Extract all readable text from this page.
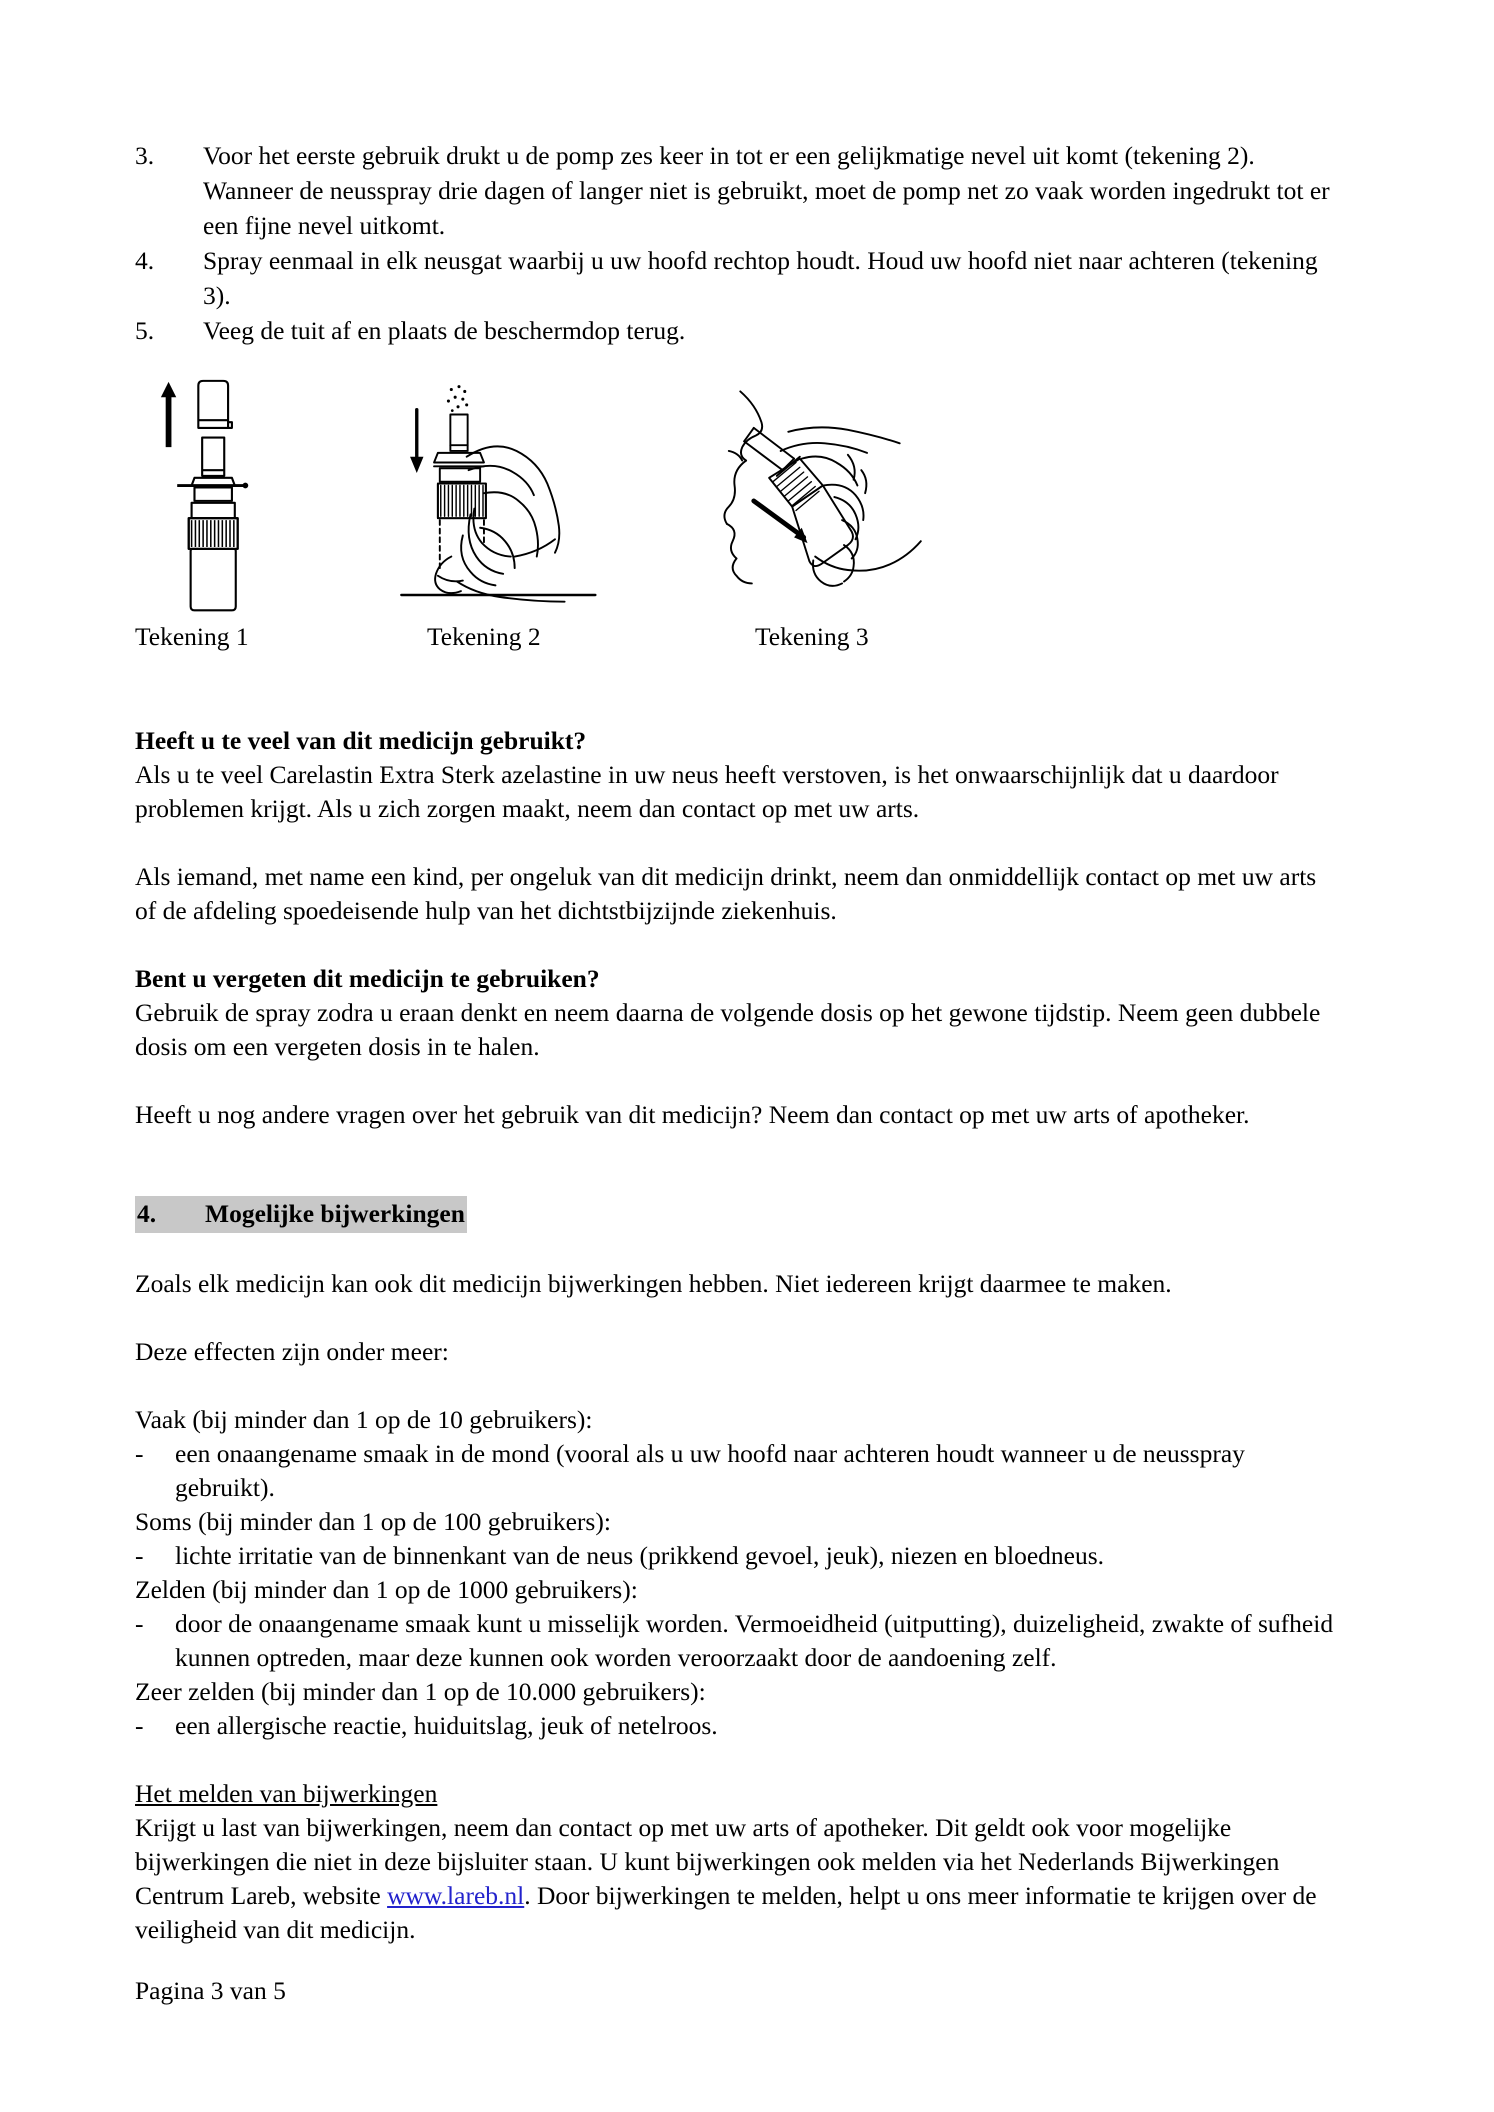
3.	Voor het eerste gebruik drukt u de pomp zes keer in tot er een gelijkmatige nevel uit komt (tekening 2). Wanneer de neusspray drie dagen of langer niet is gebruikt, moet de pomp net zo vaak worden ingedrukt tot er een fijne nevel uitkomt.
4.	Spray eenmaal in elk neusgat waarbij u uw hoofd rechtop houdt. Houd uw hoofd niet naar achteren (tekening 3).
5.	Veeg de tuit af en plaats de beschermdop terug.
Tekening 1	Tekening 2	Tekening 3
Heeft u te veel van dit medicijn gebruikt?

Als u te veel Carelastin Extra Sterk azelastine in uw neus heeft verstoven, is het onwaarschijnlijk dat u daardoor problemen krijgt. Als u zich zorgen maakt, neem dan contact op met uw arts.

Als iemand, met name een kind, per ongeluk van dit medicijn drinkt, neem dan onmiddellijk contact op met uw arts of de afdeling spoedeisende hulp van het dichtstbijzijnde ziekenhuis.

Bent u vergeten dit medicijn te gebruiken?

Gebruik de spray zodra u eraan denkt en neem daarna de volgende dosis op het gewone tijdstip. Neem geen dubbele dosis om een vergeten dosis in te halen.

Heeft u nog andere vragen over het gebruik van dit medicijn? Neem dan contact op met uw arts of apotheker.

4.	Mogelijke bijwerkingen

Zoals elk medicijn kan ook dit medicijn bijwerkingen hebben. Niet iedereen krijgt daarmee te maken.

Deze effecten zijn onder meer:

Vaak (bij minder dan 1 op de 10 gebruikers):

-	een onaangename smaak in de mond (vooral als u uw hoofd naar achteren houdt wanneer u de neusspray gebruikt).

Soms (bij minder dan 1 op de 100 gebruikers):

-	lichte irritatie van de binnenkant van de neus (prikkend gevoel, jeuk), niezen en bloedneus.

Zelden (bij minder dan 1 op de 1000 gebruikers):

-	door de onaangename smaak kunt u misselijk worden. Vermoeidheid (uitputting), duizeligheid, zwakte of sufheid kunnen optreden, maar deze kunnen ook worden veroorzaakt door de aandoening zelf.

Zeer zelden (bij minder dan 1 op de 10.000 gebruikers):

-	een allergische reactie, huiduitslag, jeuk of netelroos.
Het melden van bijwerkingen

Krijgt u last van bijwerkingen, neem dan contact op met uw arts of apotheker. Dit geldt ook voor mogelijke bijwerkingen die niet in deze bijsluiter staan. U kunt bijwerkingen ook melden via het Nederlands Bijwerkingen Centrum Lareb, website www.lareb.nl. Door bijwerkingen te melden, helpt u ons meer informatie te krijgen over de veiligheid van dit medicijn.

Pagina 3 van 5
